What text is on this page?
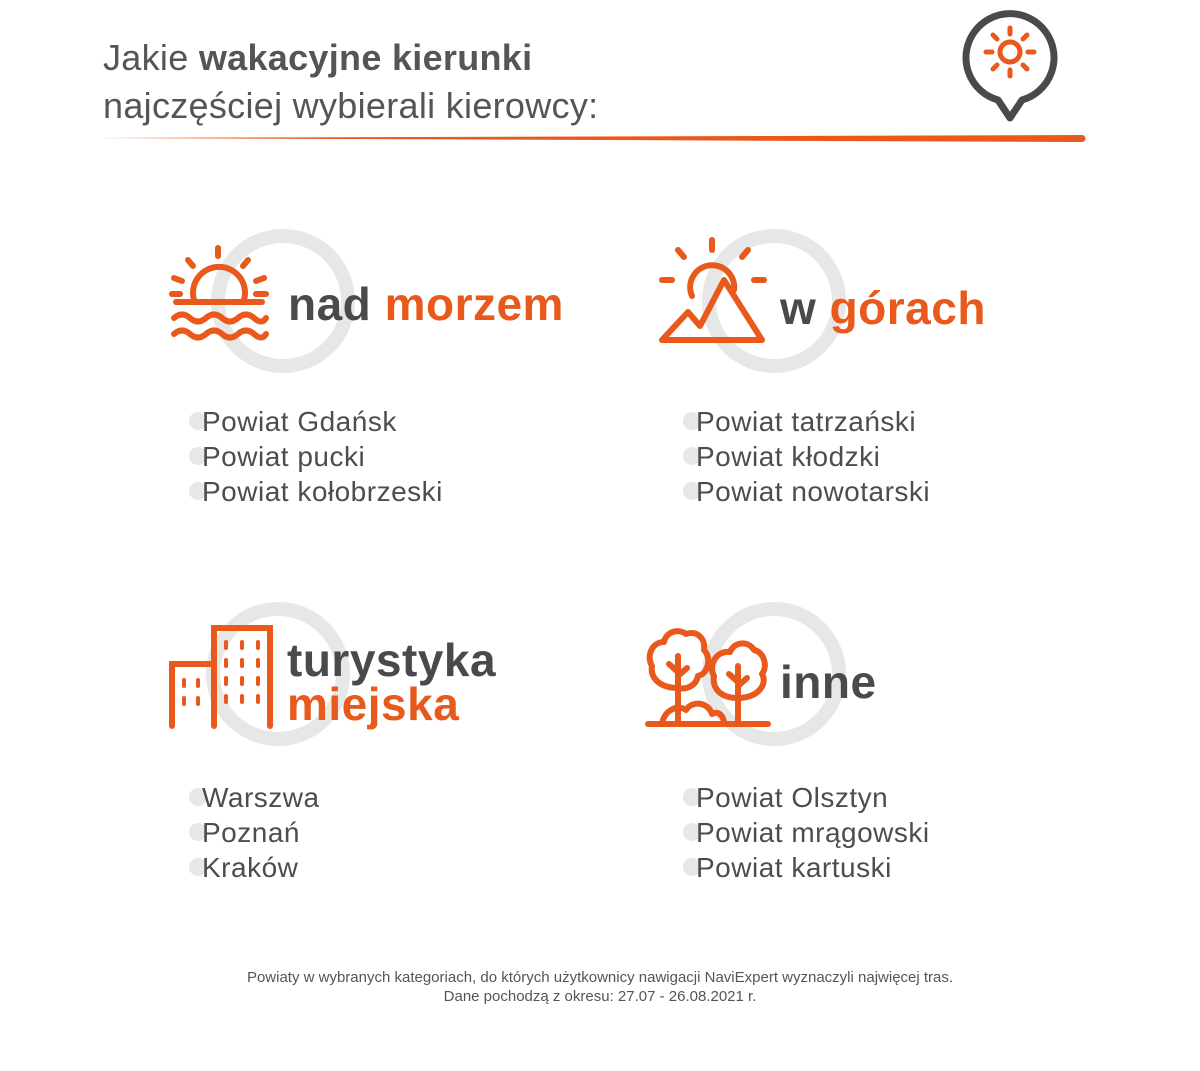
Jakie wakacyjne kierunki
najczęściej wybierali kierowcy:
nad morzem
Powiat Gdańsk
Powiat pucki
Powiat kołobrzeski
w górach
Powiat tatrzański
Powiat kłodzki
Powiat nowotarski
turystyka
miejska
Warszwa
Poznań
Kraków
inne
Powiat Olsztyn
Powiat mrągowski
Powiat kartuski
Powiaty w wybranych kategoriach, do których użytkownicy nawigacji NaviExpert wyznaczyli najwięcej tras.
Dane pochodzą z okresu: 27.07 - 26.08.2021 r.
